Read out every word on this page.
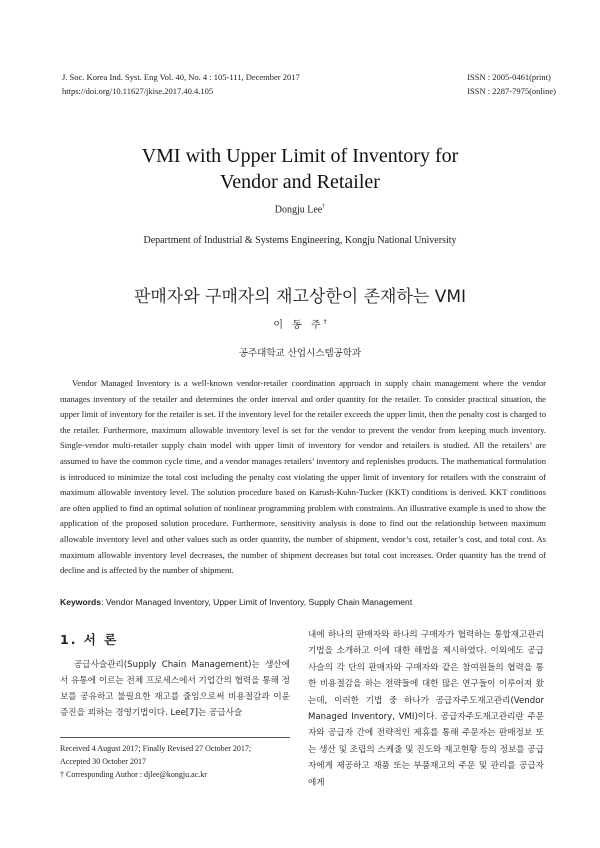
J. Soc. Korea Ind. Syst. Eng Vol. 40, No. 4 : 105-111, December 2017
https://doi.org/10.11627/jkise.2017.40.4.105
ISSN : 2005-0461(print)
ISSN : 2287-7975(online)
VMI with Upper Limit of Inventory for
Vendor and Retailer
Dongju Lee†
Department of Industrial & Systems Engineering, Kongju National University
판매자와 구매자의 재고상한이 존재하는 VMI
이 동 주†
공주대학교 산업시스템공학과
Vendor Managed Inventory is a well-known vendor-retailer coordination approach in supply chain management where the vendor manages inventory of the retailer and determines the order interval and order quantity for the retailer. To consider practical situation, the upper limit of inventory for the retailer is set. If the inventory level for the retailer exceeds the upper limit, then the penalty cost is charged to the retailer. Furthermore, maximum allowable inventory level is set for the vendor to prevent the vendor from keeping much inventory. Single-vendor multi-retailer supply chain model with upper limit of inventory for vendor and retailers is studied. All the retailers’ are assumed to have the common cycle time, and a vendor manages retailers’ inventory and replenishes products. The mathematical formulation is introduced to minimize the total cost including the penalty cost violating the upper limit of inventory for retailers with the constraint of maximum allowable inventory level. The solution procedure based on Karush-Kuhn-Tucker (KKT) conditions is derived. KKT conditions are often applied to find an optimal solution of nonlinear programming problem with constraints. An illustrative example is used to show the application of the proposed solution procedure. Furthermore, sensitivity analysis is done to find out the relationship between maximum allowable inventory level and other values such as order quantity, the number of shipment, vendor’s cost, retailer’s cost, and total cost. As maximum allowable inventory level decreases, the number of shipment decreases but total cost increases. Order quantity has the trend of decline and is affected by the number of shipment.
Keywords: Vendor Managed Inventory, Upper Limit of Inventory, Supply Chain Management
1. 서 론
공급사슬관리(Supply Chain Management)는 생산에서 유통에 이르는 전체 프로세스에서 기업간의 협력을 통해 정보를 공유하고 불필요한 재고를 줄임으로써 비용절감과 이윤증진을 꾀하는 경영기법이다. Lee[7]는 공급사슬
내에 하나의 판매자와 하나의 구매자가 협력하는 통합재고관리기법을 소개하고 이에 대한 해법을 제시하였다. 이외에도 공급사슬의 각 단의 판매자와 구매자와 같은 참여원들의 협력을 통한 비용절감을 하는 전략들에 대한 많은 연구들이 이루어져 왔는데, 이러한 기법 중 하나가 공급자주도재고관리(Vendor Managed Inventory, VMI)이다. 공급자주도재고관리란 주문자와 공급자 간에 전략적인 제휴를 통해 주문자는 판매정보 또는 생산 및 조립의 스케줄 및 진도와 재고현황 등의 정보를 공급자에게 제공하고 재품 또는 부품재고의 주문 및 관리를 공급자에게
Received 4 August 2017; Finally Revised 27 October 2017;
Accepted 30 October 2017
† Corresponding Author : djlee@kongju.ac.kr
